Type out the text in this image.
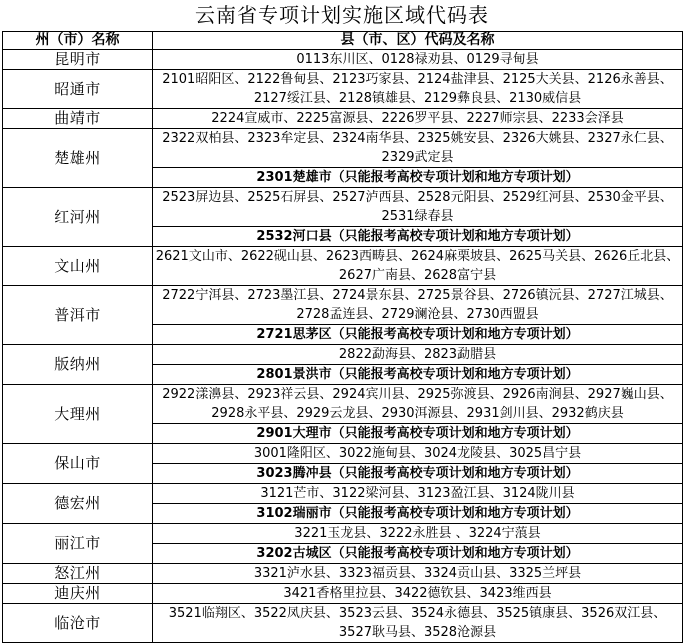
云南省专项计划实施区域代码表
州（市）名称	县（市、区）代码及名称
昆明市	0113东川区、0128禄劝县、0129寻甸县
昭通市	2101昭阳区、2122鲁甸县、2123巧家县、2124盐津县、2125大关县、2126永善县、2127绥江县、2128镇雄县、2129彝良县、2130威信县
曲靖市	2224宣威市、2225富源县、2226罗平县、2227师宗县、2233会泽县
楚雄州	2322双柏县、2323牟定县、2324南华县、2325姚安县、2326大姚县、2327永仁县、2329武定县
	2301楚雄市（只能报考高校专项计划和地方专项计划）
红河州	2523屏边县、2525石屏县、2527泸西县、2528元阳县、2529红河县、2530金平县、2531绿春县
	2532河口县（只能报考高校专项计划和地方专项计划）
文山州	2621文山市、2622砚山县、2623西畴县、2624麻栗坡县、2625马关县、2626丘北县、2627广南县、2628富宁县
普洱市	2722宁洱县、2723墨江县、2724景东县、2725景谷县、2726镇沅县、2727江城县、2728孟连县、2729澜沧县、2730西盟县
	2721思茅区（只能报考高校专项计划和地方专项计划）
版纳州	2822勐海县、2823勐腊县
	2801景洪市（只能报考高校专项计划和地方专项计划）
大理州	2922漾濞县、2923祥云县、2924宾川县、2925弥渡县、2926南涧县、2927巍山县、2928永平县、2929云龙县、2930洱源县、2931剑川县、2932鹤庆县
	2901大理市（只能报考高校专项计划和地方专项计划）
保山市	3001隆阳区、3022施甸县、3024龙陵县、3025昌宁县
	3023腾冲县（只能报考高校专项计划和地方专项计划）
德宏州	3121芒市、3122梁河县、3123盈江县、3124陇川县
	3102瑞丽市（只能报考高校专项计划和地方专项计划）
丽江市	3221玉龙县、3222永胜县 、3224宁蒗县
	3202古城区（只能报考高校专项计划和地方专项计划）
怒江州	3321泸水县、3323福贡县、3324贡山县、3325兰坪县
迪庆州	3421香格里拉县、3422德钦县、3423维西县
临沧市	3521临翔区、3522凤庆县、3523云县、3524永德县、3525镇康县、3526双江县、3527耿马县、3528沧源县
